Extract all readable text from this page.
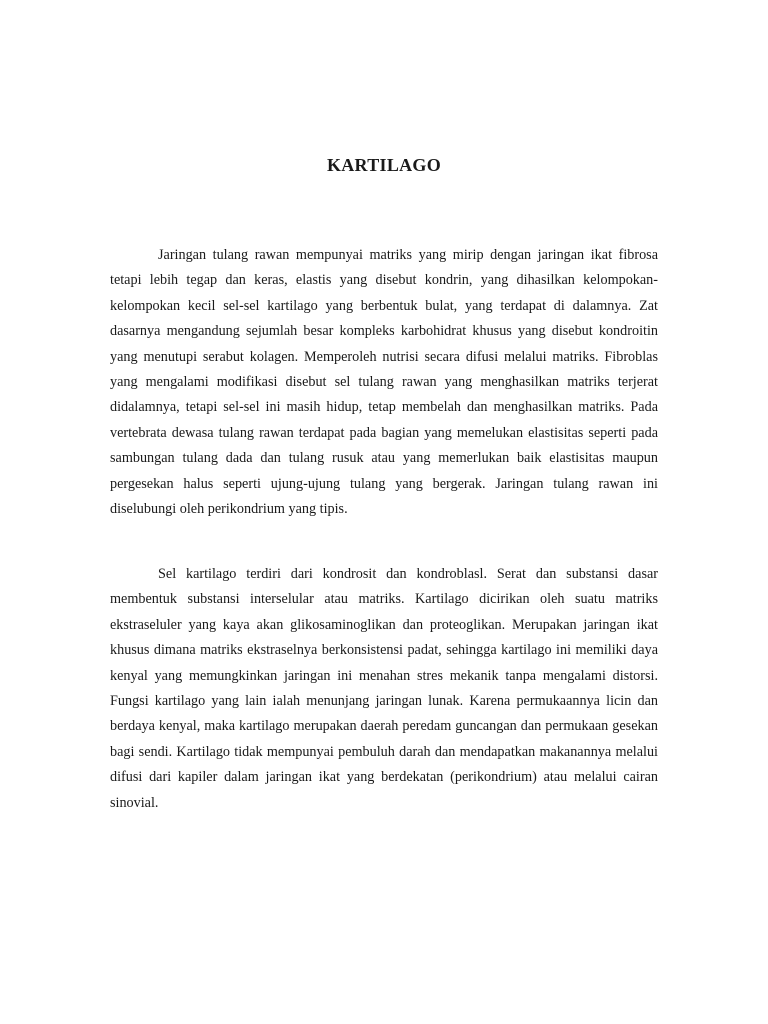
KARTILAGO

Jaringan tulang rawan mempunyai matriks yang mirip dengan jaringan ikat fibrosa tetapi lebih tegap dan keras, elastis yang disebut kondrin, yang dihasilkan kelompokan-kelompokan kecil sel-sel kartilago yang berbentuk bulat, yang terdapat di dalamnya. Zat dasarnya mengandung sejumlah besar kompleks karbohidrat khusus yang disebut kondroitin yang menutupi serabut kolagen. Memperoleh nutrisi secara difusi melalui matriks. Fibroblas yang mengalami modifikasi disebut sel tulang rawan yang menghasilkan matriks terjerat didalamnya, tetapi sel-sel ini masih hidup, tetap membelah dan menghasilkan matriks. Pada vertebrata dewasa tulang rawan terdapat pada bagian yang memelukan elastisitas seperti pada sambungan tulang dada dan tulang rusuk atau yang memerlukan baik elastisitas maupun pergesekan halus seperti ujung-ujung tulang yang bergerak. Jaringan tulang rawan ini diselubungi oleh perikondrium yang tipis.

Sel kartilago terdiri dari kondrosit dan kondroblasl. Serat dan substansi dasar membentuk substansi interselular atau matriks. Kartilago dicirikan oleh suatu matriks ekstraseluler yang kaya akan glikosaminoglikan dan proteoglikan. Merupakan jaringan ikat khusus dimana matriks ekstraselnya berkonsistensi padat, sehingga kartilago ini memiliki daya kenyal yang memungkinkan jaringan ini menahan stres mekanik tanpa mengalami distorsi. Fungsi kartilago yang lain ialah menunjang jaringan lunak. Karena permukaannya licin dan berdaya kenyal, maka kartilago merupakan daerah peredam guncangan dan permukaan gesekan bagi sendi. Kartilago tidak mempunyai pembuluh darah dan mendapatkan makanannya melalui difusi dari kapiler dalam jaringan ikat yang berdekatan (perikondrium) atau melalui cairan sinovial.
